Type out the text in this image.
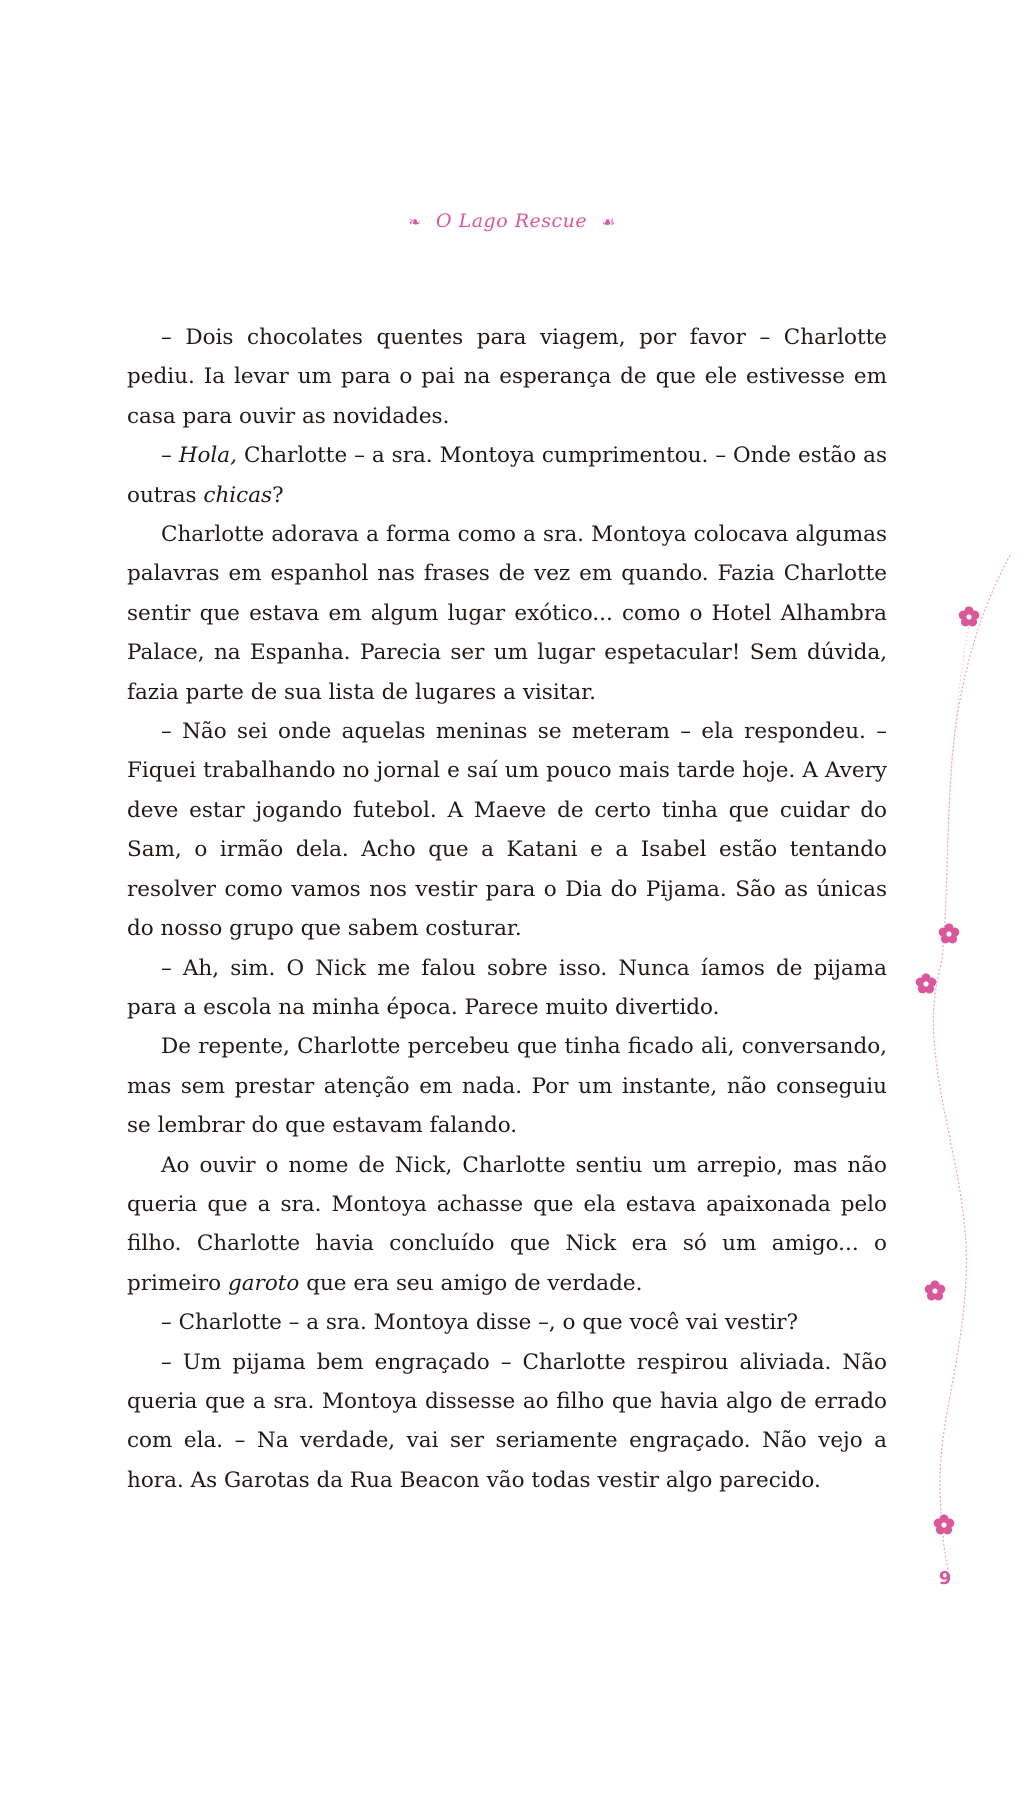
❧ O Lago Rescue ☙

– Dois chocolates quentes para viagem, por favor – Charlotte pediu. Ia levar um para o pai na esperança de que ele estivesse em casa para ouvir as novidades.

– Hola, Charlotte – a sra. Montoya cumprimentou. – Onde estão as outras chicas?

Charlotte adorava a forma como a sra. Montoya colocava algumas palavras em espanhol nas frases de vez em quando. Fazia Charlotte sentir que estava em algum lugar exótico... como o Hotel Alhambra Palace, na Espanha. Parecia ser um lugar espetacular! Sem dúvida, fazia parte de sua lista de lugares a visitar.

– Não sei onde aquelas meninas se meteram – ela respondeu. – Fiquei trabalhando no jornal e saí um pouco mais tarde hoje. A Avery deve estar jogando futebol. A Maeve de certo tinha que cuidar do Sam, o irmão dela. Acho que a Katani e a Isabel estão tentando resolver como vamos nos vestir para o Dia do Pijama. São as únicas do nosso grupo que sabem costurar.

– Ah, sim. O Nick me falou sobre isso. Nunca íamos de pijama para a escola na minha época. Parece muito divertido.

De repente, Charlotte percebeu que tinha ficado ali, conversando, mas sem prestar atenção em nada. Por um instante, não conseguiu se lembrar do que estavam falando.

Ao ouvir o nome de Nick, Charlotte sentiu um arrepio, mas não queria que a sra. Montoya achasse que ela estava apaixonada pelo filho. Charlotte havia concluído que Nick era só um amigo... o primeiro garoto que era seu amigo de verdade.

– Charlotte – a sra. Montoya disse –, o que você vai vestir?

– Um pijama bem engraçado – Charlotte respirou aliviada. Não queria que a sra. Montoya dissesse ao filho que havia algo de errado com ela. – Na verdade, vai ser seriamente engraçado. Não vejo a hora. As Garotas da Rua Beacon vão todas vestir algo parecido.

9
